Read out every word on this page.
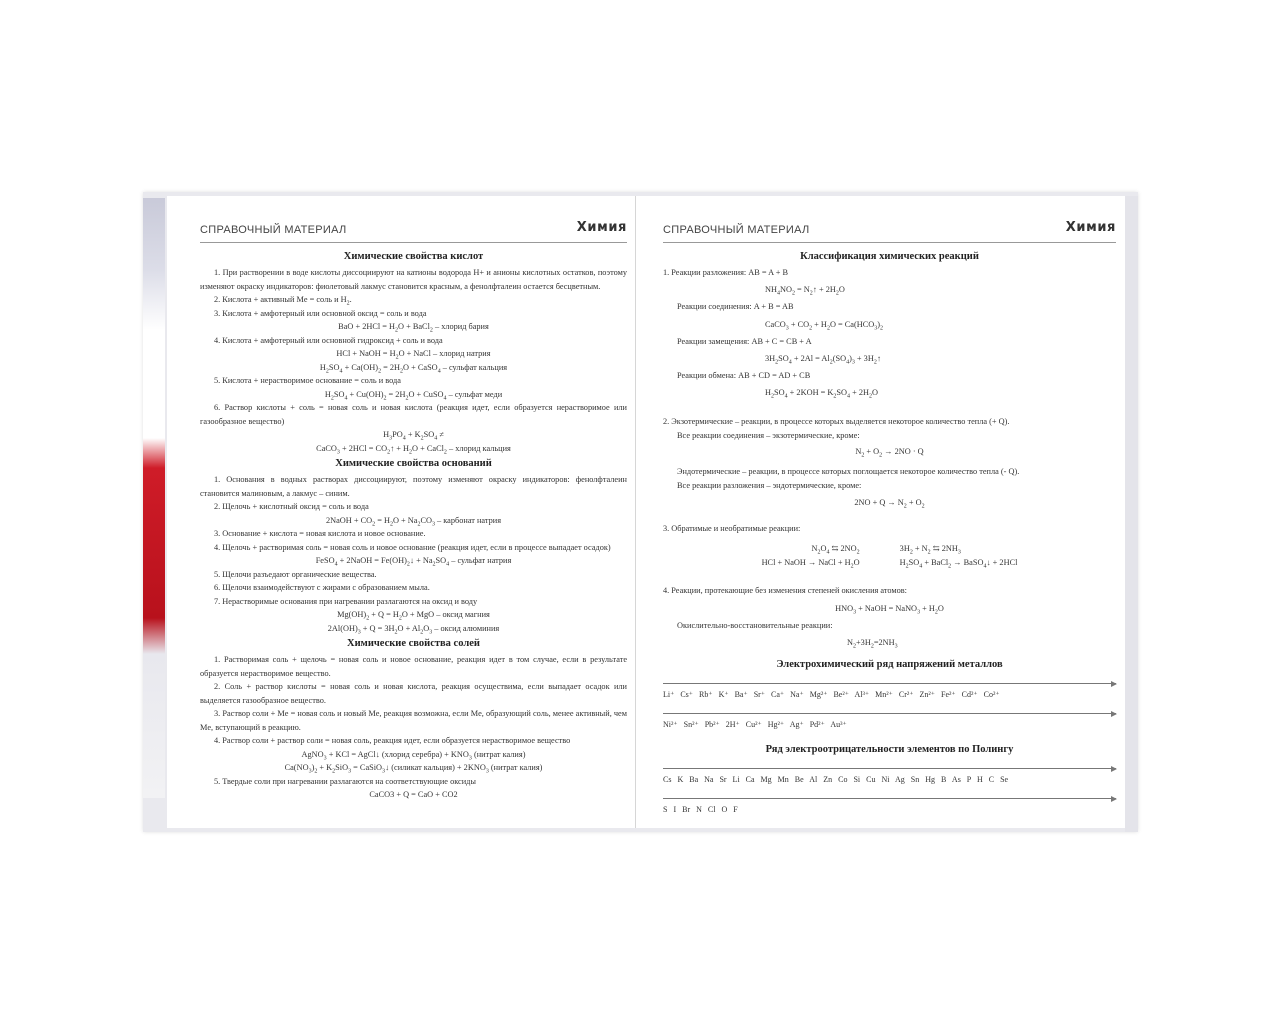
СПРАВОЧНЫЙ МАТЕРИАЛ	Химия
Химические свойства кислот
1. При растворении в воде кислоты диссоциируют на катионы водорода H+ и анионы кислотных остатков, поэтому изменяют окраску индикаторов: фиолетовый лакмус становится красным, а фенолфталеин остается бесцветным.
2. Кислота + активный Me = соль и $H_2$.
3. Кислота + амфотерный или основной оксид = соль и вода
BaO + $2HCl = H_2O$ + BaCl$_2$ – хлорид бария
4. Кислота + амфотерный или основной гидроксид + соль и вода
HCl + NaOH = $H_2O$ + NaCl – хлорид натрия
$H_2SO_4 + Ca(OH)_2 = 2H_2O$ + CaSO$_4$ – сульфат кальция
5. Кислота + нерастворимое основание = соль и вода
$H_2SO_4 + Cu(OH)_2 = 2H_2O$ + CuSO$_4$ – сульфат меди
6. Раствор кислоты + соль = новая соль и новая кислота (реакция идет, если образуется нерастворимое или газообразное вещество)
$H_3PO_4 + K_2SO_4$ ≠
CaCO$_3$ + $2HCl = CO_2↑ + H_2O$ + CaCl$_2$ – хлорид кальция
Химические свойства оснований
1. Основания в водных растворах диссоциируют, поэтому изменяют окраску индикаторов: фенолфталеин становится малиновым, а лакмус – синим.
2. Щелочь + кислотный оксид = соль и вода
2NaOH + $CO_2 = H_2O + Na_2CO_3$ – карбонат натрия
3. Основание + кислота = новая кислота и новое основание.
4. Щелочь + растворимая соль = новая соль и новое основание (реакция идет, если в процессе выпадает осадок)
FeSO$_4$ + 2NaOH = $Fe(OH)_2↓ + Na_2SO_4$ – сульфат натрия
5. Щелочи разъедают органические вещества.
6. Щелочи взаимодействуют с жирами с образованием мыла.
7. Нерастворимые основания при нагревании разлагаются на оксид и воду
$Mg(OH)_2 + Q = H_2O$ + MgO – оксид магния
$2Al(OH)_3 + Q = 3H_2O + Al_2O_3$ – оксид алюминия
Химические свойства солей
1. Растворимая соль + щелочь = новая соль и новое основание, реакция идет в том случае, если в результате образуется нерастворимое вещество.
2. Соль + раствор кислоты = новая соль и новая кислота, реакция осуществима, если выпадает осадок или выделяется газообразное вещество.
3. Раствор соли + Me = новая соль и новый Me, реакция возможна, если Me, образующий соль, менее активный, чем Me, вступающий в реакцию.
4. Раствор соли + раствор соли = новая соль, реакция идет, если образуется нерастворимое вещество
AgNO$_3$ + KCl = AgCl↓ (хлорид серебра) + $KNO_3$ (нитрат калия)
$Ca(NO_3)_2 + K_2SiO_3$ = CaSiO$_3$↓ (силикат кальция) + $2KNO_3$ (нитрат калия)
5. Твердые соли при нагревании разлагаются на соответствующие оксиды
CaCO3 + Q = CaO + CO2
СПРАВОЧНЫЙ МАТЕРИАЛ	Химия
Классификация химических реакций
1. Реакции разложения: AB = A + B
$NH_4NO_2$ = $N_2↑ + 2H_2O$
Реакции соединения: A + B = AB
CaCO$_3$ + $CO_2 + H_2O = Ca(HCO_3)_2$
Реакции замещения: AB + C = CB + A
$3H_2SO_4 + 2Al = Al_2(SO_4)_3$ + $3H_2↑$
Реакции обмена: AB + CD = AD + CB
$H_2SO_4 + 2KOH = K_2SO_4 + 2H_2O$
2. Экзотермические – реакции, в процессе которых выделяется некоторое количество тепла (+ Q).
Все реакции соединения – экзотермические, кроме:
$N_2 + O_2 \to 2NO \cdot Q$
Эндотермические – реакции, в процессе которых поглощается некоторое количество тепла (- Q).
Все реакции разложения – эндотермические, кроме:
$2NO + Q \to N_2 + O_2$
3. Обратимые и необратимые реакции:
$N_2O_4$ ⇆ $2NO_2$
HCl + NaOH → NaCl + $H_2O$
$3H_2 + N_2$ ⇆ $2NH_3$
$H_2SO_4$ + BaCl$_2$ → BaSO$_4$↓ + 2HCl
4. Реакции, протекающие без изменения степеней окисления атомов:
$HNO_3$ + NaOH = NaNO$_3$ + $H_2O$
Окислительно-восстановительные реакции:
$N_2+3H_2=2NH_3$
Электрохимический ряд напряжений металлов
Li⁺ Cs⁺ Rb⁺ K⁺ Ba⁺ Sr⁺ Ca⁺ Na⁺ Mg²⁺ Be²⁺ Al³⁺ Mn²⁺ Cr²⁺ Zn²⁺ Fe²⁺ Cd²⁺ Co²⁺
Ni²⁺ Sn²⁺ Pb²⁺ 2H⁺ Cu²⁺ Hg²⁺ Ag⁺ Pd²⁺ Au³⁺
Ряд электроотрицательности элементов по Полингу
Cs K Ba Na Sr Li Ca Mg Mn Be Al Zn Co Si Cu Ni Ag Sn Hg B As P H C Se
S I Br N Cl O F
